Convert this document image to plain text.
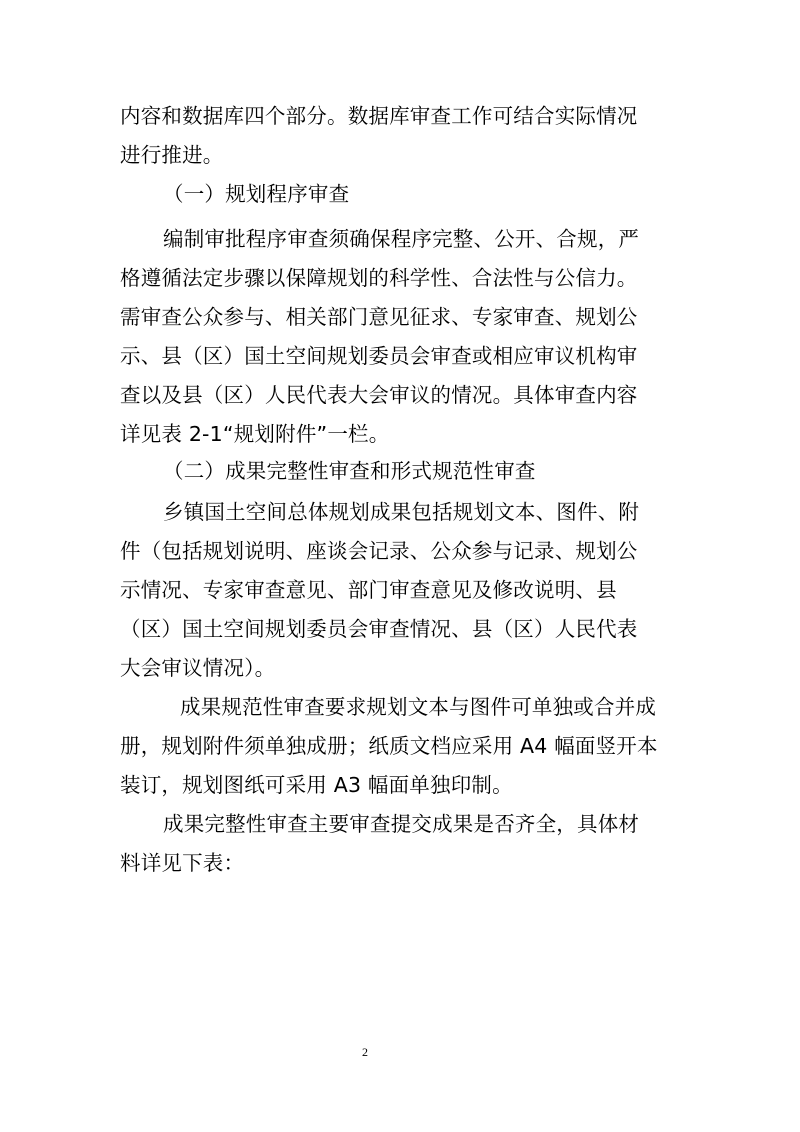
内容和数据库四个部分。数据库审查工作可结合实际情况
进行推进。
（一）规划程序审查
编制审批程序审查须确保程序完整、公开、合规，严
格遵循法定步骤以保障规划的科学性、合法性与公信力。
需审查公众参与、相关部门意见征求、专家审查、规划公
示、县（区）国土空间规划委员会审查或相应审议机构审
查以及县（区）人民代表大会审议的情况。具体审查内容
详见表 2-1“规划附件”一栏。
（二）成果完整性审查和形式规范性审查
乡镇国土空间总体规划成果包括规划文本、图件、附
件（包括规划说明、座谈会记录、公众参与记录、规划公
示情况、专家审查意见、部门审查意见及修改说明、县
（区）国土空间规划委员会审查情况、县（区）人民代表
大会审议情况）。
成果规范性审查要求规划文本与图件可单独或合并成
册，规划附件须单独成册；纸质文档应采用 A4 幅面竖开本
装订，规划图纸可采用 A3 幅面单独印制。
成果完整性审查主要审查提交成果是否齐全，具体材
料详见下表：
2
